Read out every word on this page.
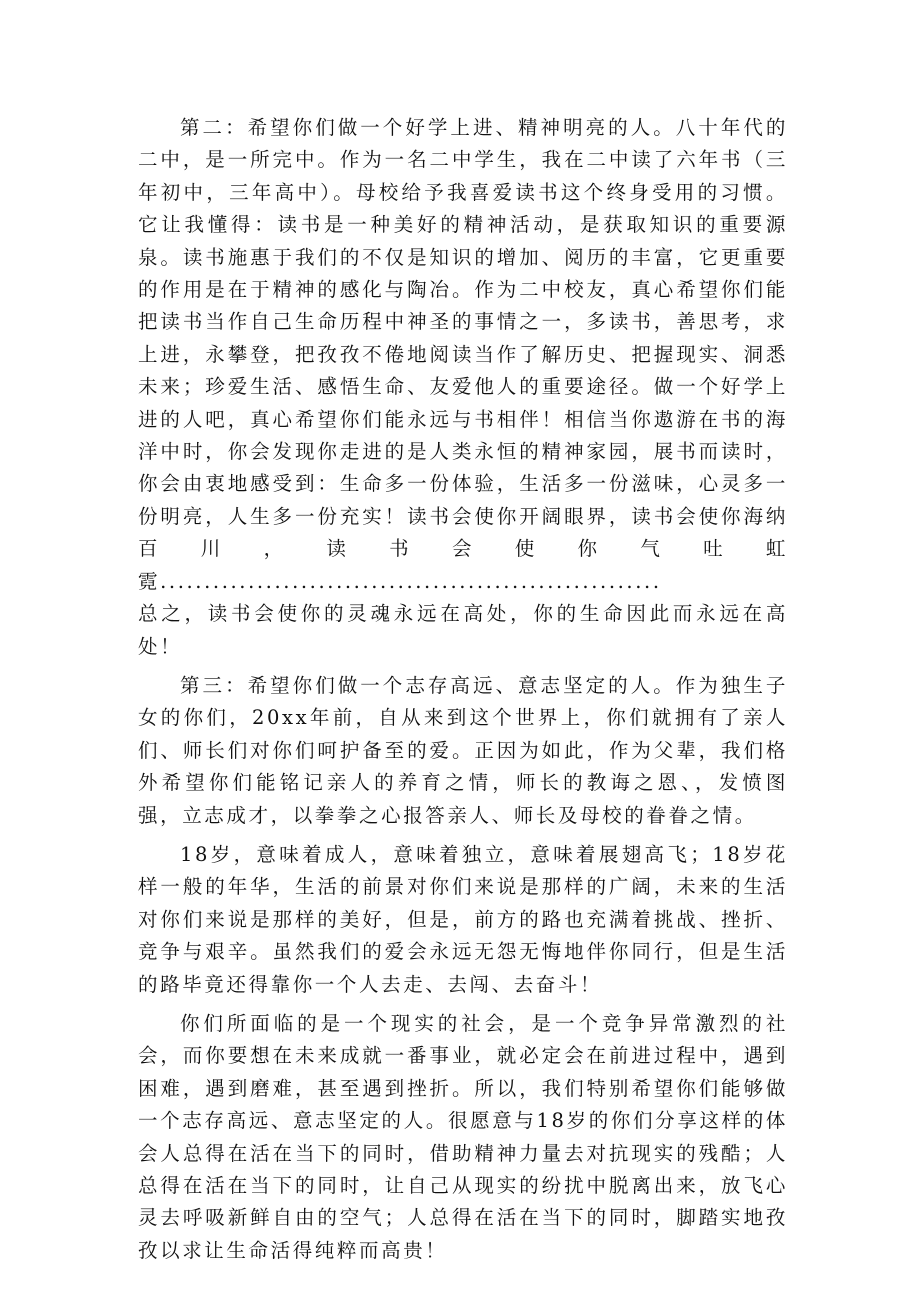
第二：希望你们做一个好学上进、精神明亮的人。八十年代的二中，是一所完中。作为一名二中学生，我在二中读了六年书（三年初中，三年高中）。母校给予我喜爱读书这个终身受用的习惯。它让我懂得：读书是一种美好的精神活动，是获取知识的重要源泉。读书施惠于我们的不仅是知识的增加、阅历的丰富，它更重要的作用是在于精神的感化与陶冶。作为二中校友，真心希望你们能把读书当作自己生命历程中神圣的事情之一，多读书，善思考，求上进，永攀登，把孜孜不倦地阅读当作了解历史、把握现实、洞悉未来；珍爱生活、感悟生命、友爱他人的重要途径。做一个好学上进的人吧，真心希望你们能永远与书相伴！相信当你遨游在书的海洋中时，你会发现你走进的是人类永恒的精神家园，展书而读时，你会由衷地感受到：生命多一份体验，生活多一份滋味，心灵多一份明亮，人生多一份充实！读书会使你开阔眼界，读书会使你海纳百川，读书会使你气吐虹霓.........................................................

总之，读书会使你的灵魂永远在高处，你的生命因此而永远在高处！

第三：希望你们做一个志存高远、意志坚定的人。作为独生子女的你们，20xx年前，自从来到这个世界上，你们就拥有了亲人们、师长们对你们呵护备至的爱。正因为如此，作为父辈，我们格外希望你们能铭记亲人的养育之情，师长的教诲之恩、，发愤图强，立志成才，以拳拳之心报答亲人、师长及母校的眷眷之情。

18岁，意味着成人，意味着独立，意味着展翅高飞；18岁花样一般的年华，生活的前景对你们来说是那样的广阔，未来的生活对你们来说是那样的美好，但是，前方的路也充满着挑战、挫折、竞争与艰辛。虽然我们的爱会永远无怨无悔地伴你同行，但是生活的路毕竟还得靠你一个人去走、去闯、去奋斗！

你们所面临的是一个现实的社会，是一个竞争异常激烈的社会，而你要想在未来成就一番事业，就必定会在前进过程中，遇到困难，遇到磨难，甚至遇到挫折。所以，我们特别希望你们能够做一个志存高远、意志坚定的人。很愿意与18岁的你们分享这样的体会人总得在活在当下的同时，借助精神力量去对抗现实的残酷；人总得在活在当下的同时，让自己从现实的纷扰中脱离出来，放飞心灵去呼吸新鲜自由的空气；人总得在活在当下的同时，脚踏实地孜孜以求让生命活得纯粹而高贵！
